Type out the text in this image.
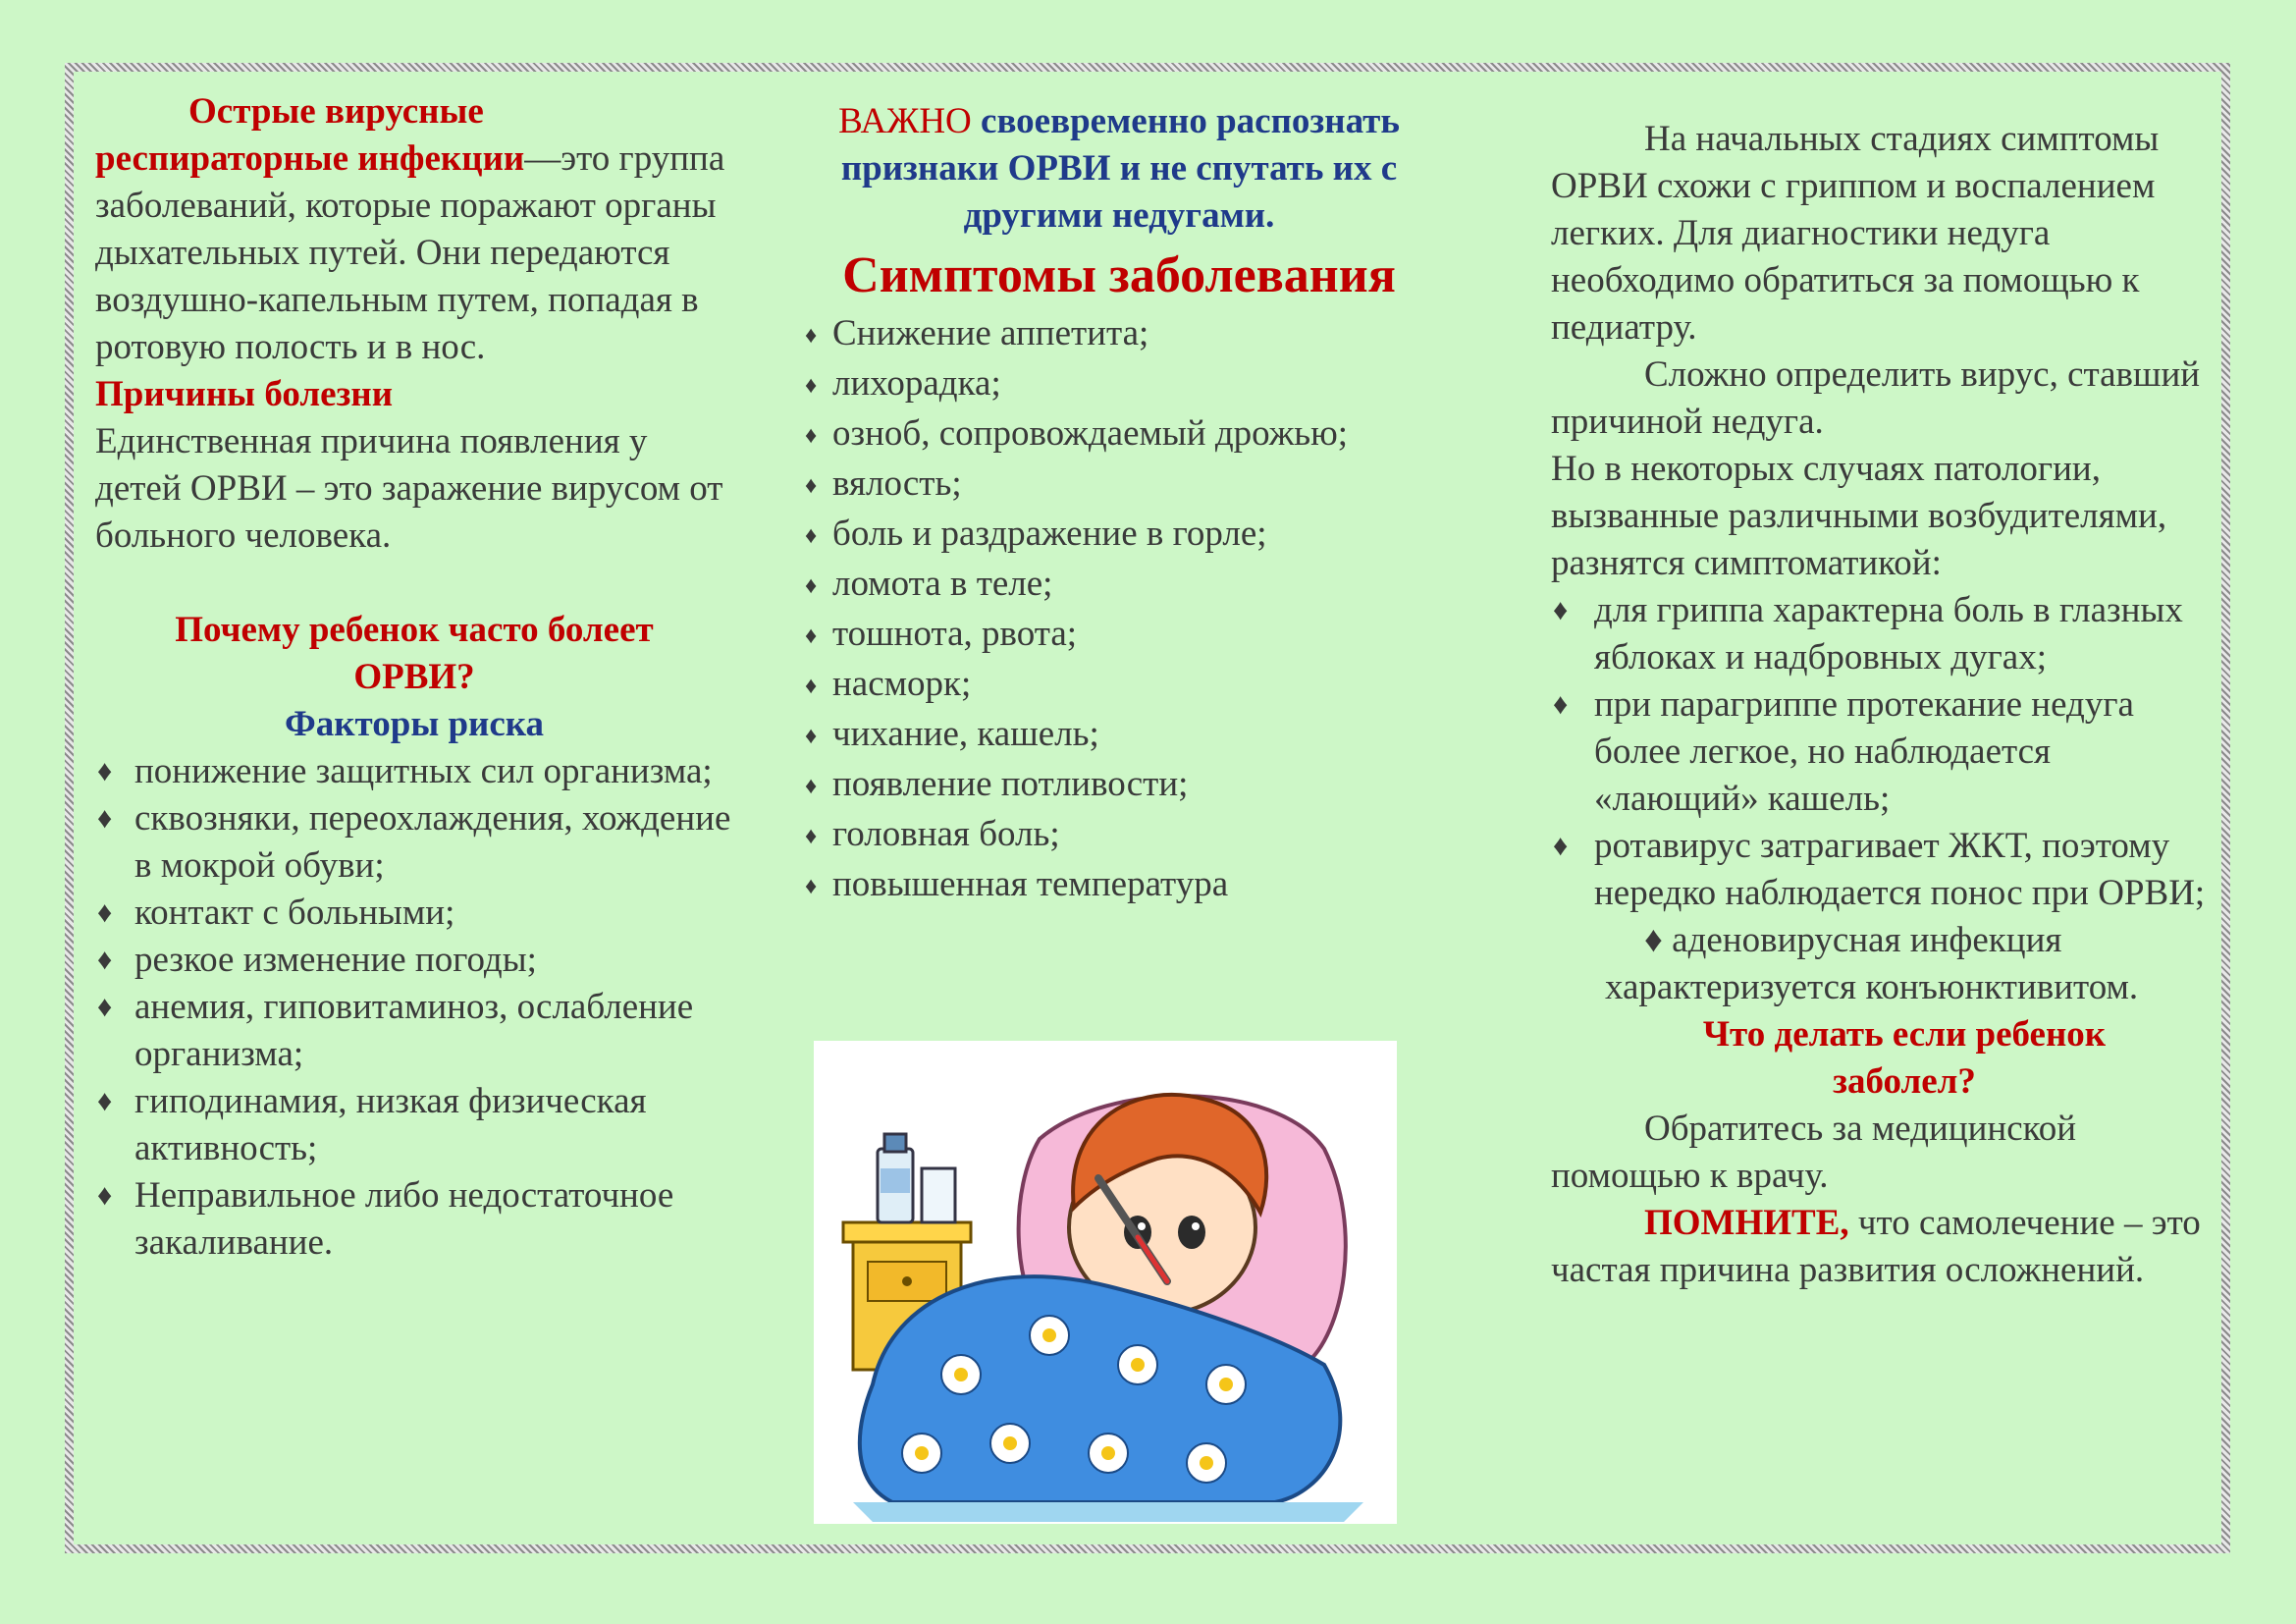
Острые вирусные респираторные инфекции—это группа заболеваний, которые поражают органы дыхательных путей. Они передаются воздушно-капельным путем, попадая в ротовую полость и в нос.

Причины болезни

Единственная причина появления у детей ОРВИ – это заражение вирусом от больного человека.

Почему ребенок часто болеет ОРВИ?

Факторы риска

♦ понижение защитных сил организма;
♦ сквозняки, переохлаждения, хождение в мокрой обуви;
♦ контакт с больными;
♦ резкое изменение погоды;
♦ анемия, гиповитаминоз, ослабление организма;
♦ гиподинамия, низкая физическая активность;
♦ Неправильное либо недостаточное закаливание.

ВАЖНО своевременно распознать признаки ОРВИ и не спутать их с другими недугами.

Симптомы заболевания

♦ Снижение аппетита;
♦ лихорадка;
♦ озноб, сопровождаемый дрожью;
♦ вялость;
♦ боль и раздражение в горле;
♦ ломота в теле;
♦ тошнота, рвота;
♦ насморк;
♦ чихание, кашель;
♦ появление потливости;
♦ головная боль;
♦ повышенная температура

На начальных стадиях симптомы ОРВИ схожи с гриппом и воспалением легких. Для диагностики недуга необходимо обратиться за помощью к педиатру.

Сложно определить вирус, ставший причиной недуга.

Но в некоторых случаях патологии, вызванные различными возбудителями, разнятся симптоматикой:

♦ для гриппа характерна боль в глазных яблоках и надбровных дугах;
♦ при парагриппе протекание недуга более легкое, но наблюдается «лающий» кашель;
♦ ротавирус затрагивает ЖКТ, поэтому нередко наблюдается понос при ОРВИ;

♦ аденовирусная инфекция характеризуется конъюнктивитом.

Что делать если ребенок заболел?

Обратитесь за медицинской помощью к врачу.

ПОМНИТЕ, что самолечение – это частая причина развития осложнений.
